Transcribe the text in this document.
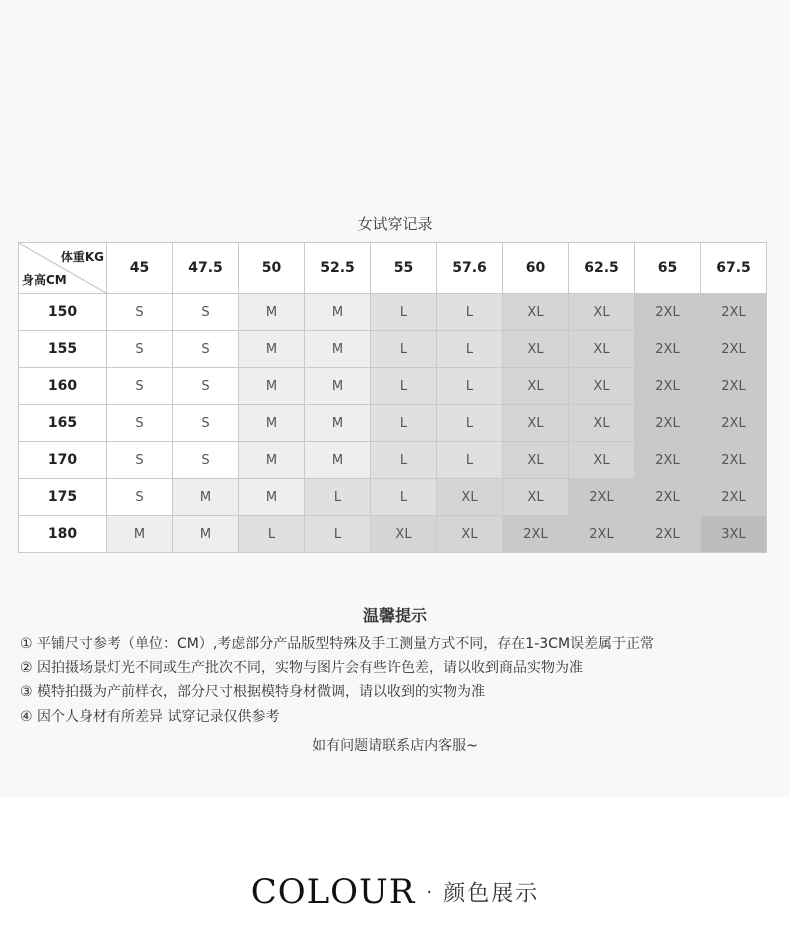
女试穿记录
体重KG
身高CM	45	47.5	50	52.5	55	57.6	60	62.5	65	67.5
150	S	S	M	M	L	L	XL	XL	2XL	2XL
155	S	S	M	M	L	L	XL	XL	2XL	2XL
160	S	S	M	M	L	L	XL	XL	2XL	2XL
165	S	S	M	M	L	L	XL	XL	2XL	2XL
170	S	S	M	M	L	L	XL	XL	2XL	2XL
175	S	M	M	L	L	XL	XL	2XL	2XL	2XL
180	M	M	L	L	XL	XL	2XL	2XL	2XL	3XL
温馨提示
① 平铺尺寸参考（单位：CM）,考虑部分产品版型特殊及手工测量方式不同，存在1-3CM误差属于正常
② 因拍摄场景灯光不同或生产批次不同，实物与图片会有些许色差，请以收到商品实物为准
③ 模特拍摄为产前样衣，部分尺寸根据模特身材微调，请以收到的实物为准
④ 因个人身材有所差异 试穿记录仅供参考
如有问题请联系店内客服~
COLOUR · 颜色展示
